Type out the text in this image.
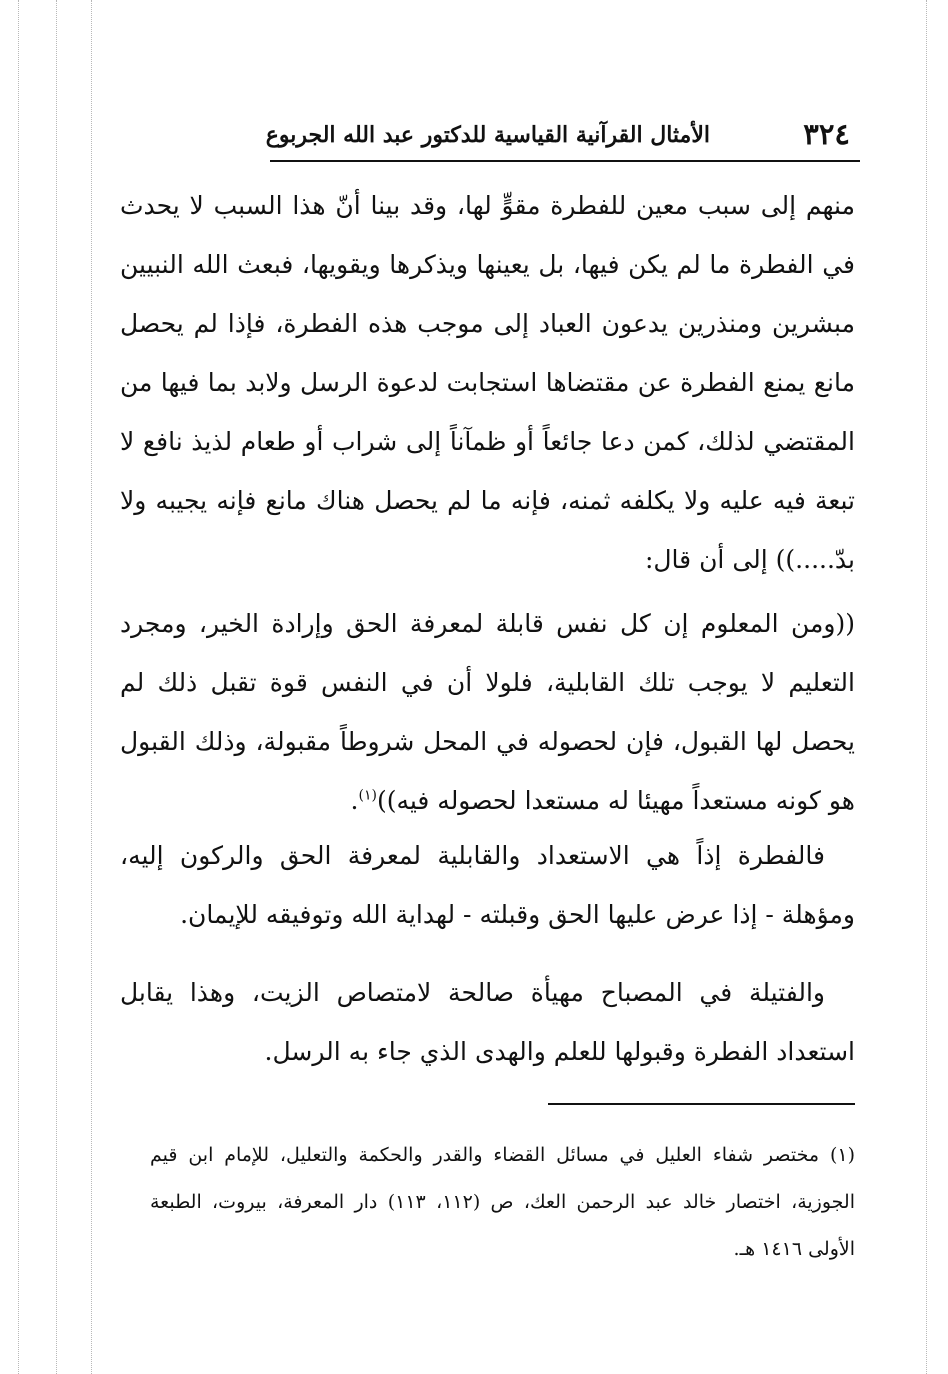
٣٢٤
الأمثال القرآنية القياسية للدكتور عبد الله الجربوع

منهم إلى سبب معين للفطرة مقوٍّ لها، وقد بينا أنّ هذا السبب لا يحدث في الفطرة ما لم يكن فيها، بل يعينها ويذكرها ويقويها، فبعث الله النبيين مبشرين ومنذرين يدعون العباد إلى موجب هذه الفطرة، فإذا لم يحصل مانع يمنع الفطرة عن مقتضاها استجابت لدعوة الرسل ولابد بما فيها من المقتضي لذلك، كمن دعا جائعاً أو ظمآناً إلى شراب أو طعام لذيذ نافع لا تبعة فيه عليه ولا يكلفه ثمنه، فإنه ما لم يحصل هناك مانع فإنه يجيبه ولا بدّ.....)) إلى أن قال:

((ومن المعلوم إن كل نفس قابلة لمعرفة الحق وإرادة الخير، ومجرد التعليم لا يوجب تلك القابلية، فلولا أن في النفس قوة تقبل ذلك لم يحصل لها القبول، فإن لحصوله في المحل شروطاً مقبولة، وذلك القبول هو كونه مستعداً مهيئا له مستعدا لحصوله فيه))$^{(١)}$.

فالفطرة إذاً هي الاستعداد والقابلية لمعرفة الحق والركون إليه، ومؤهلة - إذا عرض عليها الحق وقبلته - لهداية الله وتوفيقه للإيمان.

والفتيلة في المصباح مهيأة صالحة لامتصاص الزيت، وهذا يقابل استعداد الفطرة وقبولها للعلم والهدى الذي جاء به الرسل.

(١) مختصر شفاء العليل في مسائل القضاء والقدر والحكمة والتعليل، للإمام ابن قيم الجوزية، اختصار خالد عبد الرحمن العك، ص (١١٢، ١١٣) دار المعرفة، بيروت، الطبعة الأولى ١٤١٦ هـ.
